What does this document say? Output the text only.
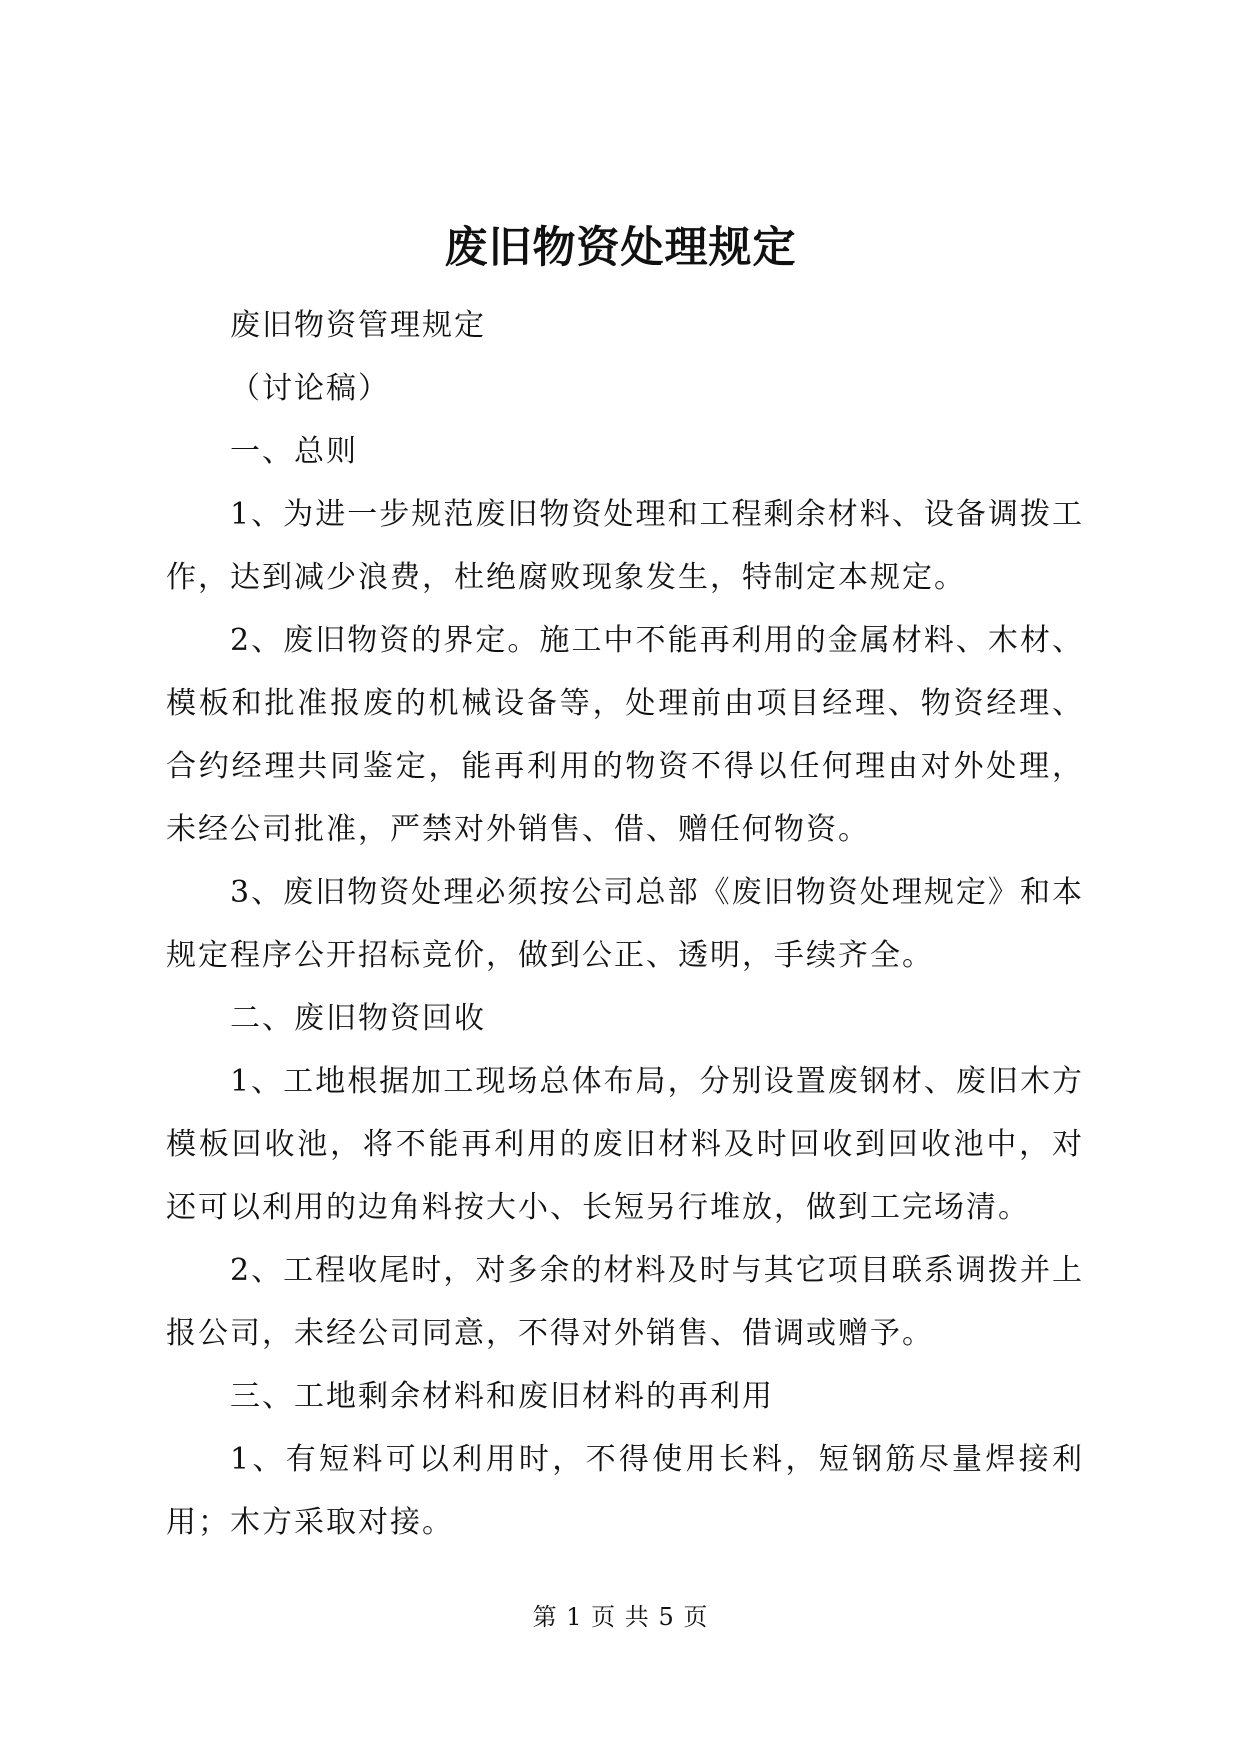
废旧物资处理规定

废旧物资管理规定

（讨论稿）

一、总则

1、为进一步规范废旧物资处理和工程剩余材料、设备调拨工作，达到减少浪费，杜绝腐败现象发生，特制定本规定。

2、废旧物资的界定。施工中不能再利用的金属材料、木材、模板和批准报废的机械设备等，处理前由项目经理、物资经理、合约经理共同鉴定，能再利用的物资不得以任何理由对外处理，未经公司批准，严禁对外销售、借、赠任何物资。

3、废旧物资处理必须按公司总部《废旧物资处理规定》和本规定程序公开招标竞价，做到公正、透明，手续齐全。

二、废旧物资回收

1、工地根据加工现场总体布局，分别设置废钢材、废旧木方模板回收池，将不能再利用的废旧材料及时回收到回收池中，对还可以利用的边角料按大小、长短另行堆放，做到工完场清。

2、工程收尾时，对多余的材料及时与其它项目联系调拨并上报公司，未经公司同意，不得对外销售、借调或赠予。

三、工地剩余材料和废旧材料的再利用

1、有短料可以利用时，不得使用长料，短钢筋尽量焊接利用；木方采取对接。

第 1 页 共 5 页
